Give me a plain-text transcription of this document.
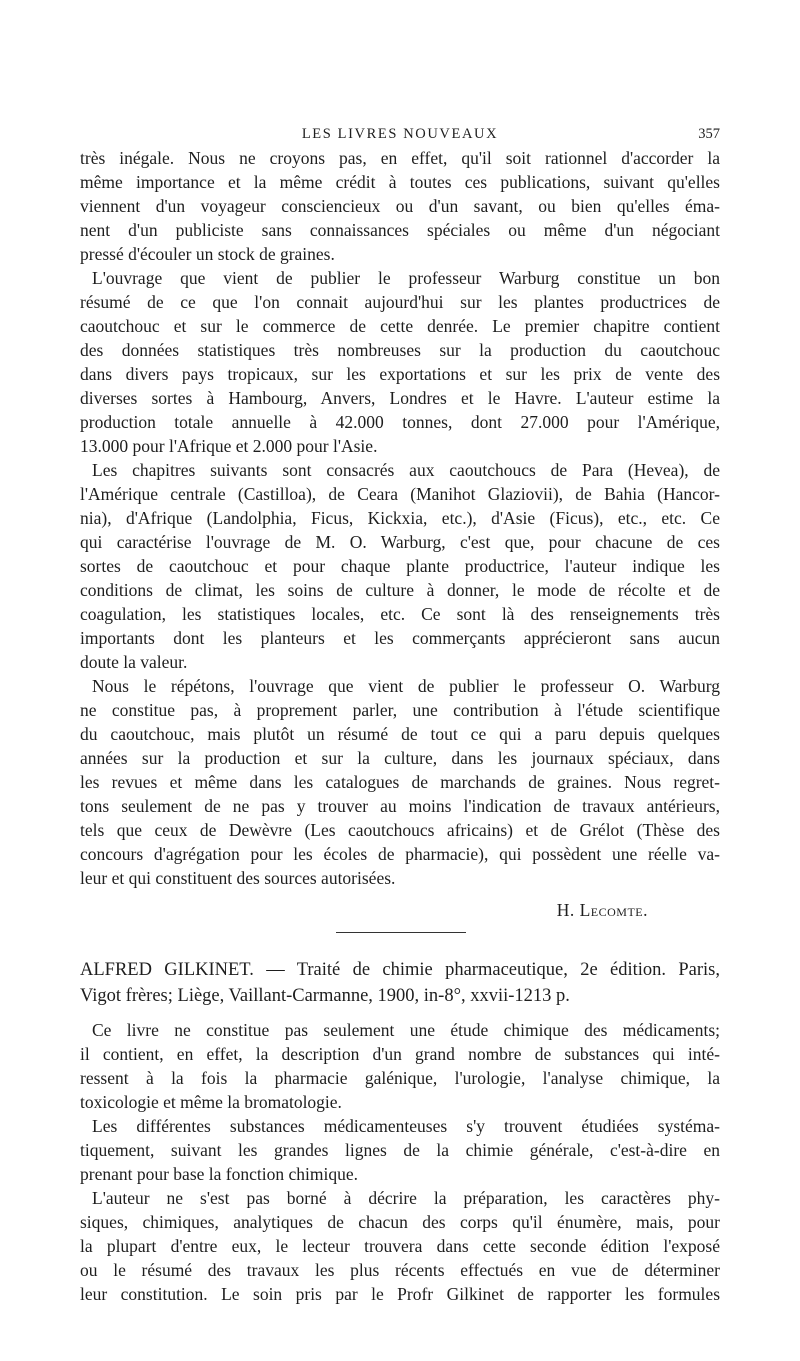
LES LIVRES NOUVEAUX	357
très inégale. Nous ne croyons pas, en effet, qu'il soit rationnel d'accorder la
même importance et la même crédit à toutes ces publications, suivant qu'elles
viennent d'un voyageur consciencieux ou d'un savant, ou bien qu'elles éma-
nent d'un publiciste sans connaissances spéciales ou même d'un négociant
pressé d'écouler un stock de graines.
L'ouvrage que vient de publier le professeur Warburg constitue un bon
résumé de ce que l'on connait aujourd'hui sur les plantes productrices de
caoutchouc et sur le commerce de cette denrée. Le premier chapitre contient
des données statistiques très nombreuses sur la production du caoutchouc
dans divers pays tropicaux, sur les exportations et sur les prix de vente des
diverses sortes à Hambourg, Anvers, Londres et le Havre. L'auteur estime la
production totale annuelle à 42.000 tonnes, dont 27.000 pour l'Amérique,
13.000 pour l'Afrique et 2.000 pour l'Asie.
Les chapitres suivants sont consacrés aux caoutchoucs de Para (Hevea), de
l'Amérique centrale (Castilloa), de Ceara (Manihot Glaziovii), de Bahia (Hancor-
nia), d'Afrique (Landolphia, Ficus, Kickxia, etc.), d'Asie (Ficus), etc., etc. Ce
qui caractérise l'ouvrage de M. O. Warburg, c'est que, pour chacune de ces
sortes de caoutchouc et pour chaque plante productrice, l'auteur indique les
conditions de climat, les soins de culture à donner, le mode de récolte et de
coagulation, les statistiques locales, etc. Ce sont là des renseignements très
importants dont les planteurs et les commerçants apprécieront sans aucun
doute la valeur.
Nous le répétons, l'ouvrage que vient de publier le professeur O. Warburg
ne constitue pas, à proprement parler, une contribution à l'étude scientifique
du caoutchouc, mais plutôt un résumé de tout ce qui a paru depuis quelques
années sur la production et sur la culture, dans les journaux spéciaux, dans
les revues et même dans les catalogues de marchands de graines. Nous regret-
tons seulement de ne pas y trouver au moins l'indication de travaux antérieurs,
tels que ceux de Dewèvre (Les caoutchoucs africains) et de Grélot (Thèse des
concours d'agrégation pour les écoles de pharmacie), qui possèdent une réelle va-
leur et qui constituent des sources autorisées.
H. Lecomte.
ALFRED GILKINET. — Traité de chimie pharmaceutique, 2e édition. Paris,
Vigot frères; Liège, Vaillant-Carmanne, 1900, in-8°, xxvii-1213 p.
Ce livre ne constitue pas seulement une étude chimique des médicaments;
il contient, en effet, la description d'un grand nombre de substances qui inté-
ressent à la fois la pharmacie galénique, l'urologie, l'analyse chimique, la
toxicologie et même la bromatologie.
Les différentes substances médicamenteuses s'y trouvent étudiées systéma-
tiquement, suivant les grandes lignes de la chimie générale, c'est-à-dire en
prenant pour base la fonction chimique.
L'auteur ne s'est pas borné à décrire la préparation, les caractères phy-
siques, chimiques, analytiques de chacun des corps qu'il énumère, mais, pour
la plupart d'entre eux, le lecteur trouvera dans cette seconde édition l'exposé
ou le résumé des travaux les plus récents effectués en vue de déterminer
leur constitution. Le soin pris par le Profr Gilkinet de rapporter les formules
